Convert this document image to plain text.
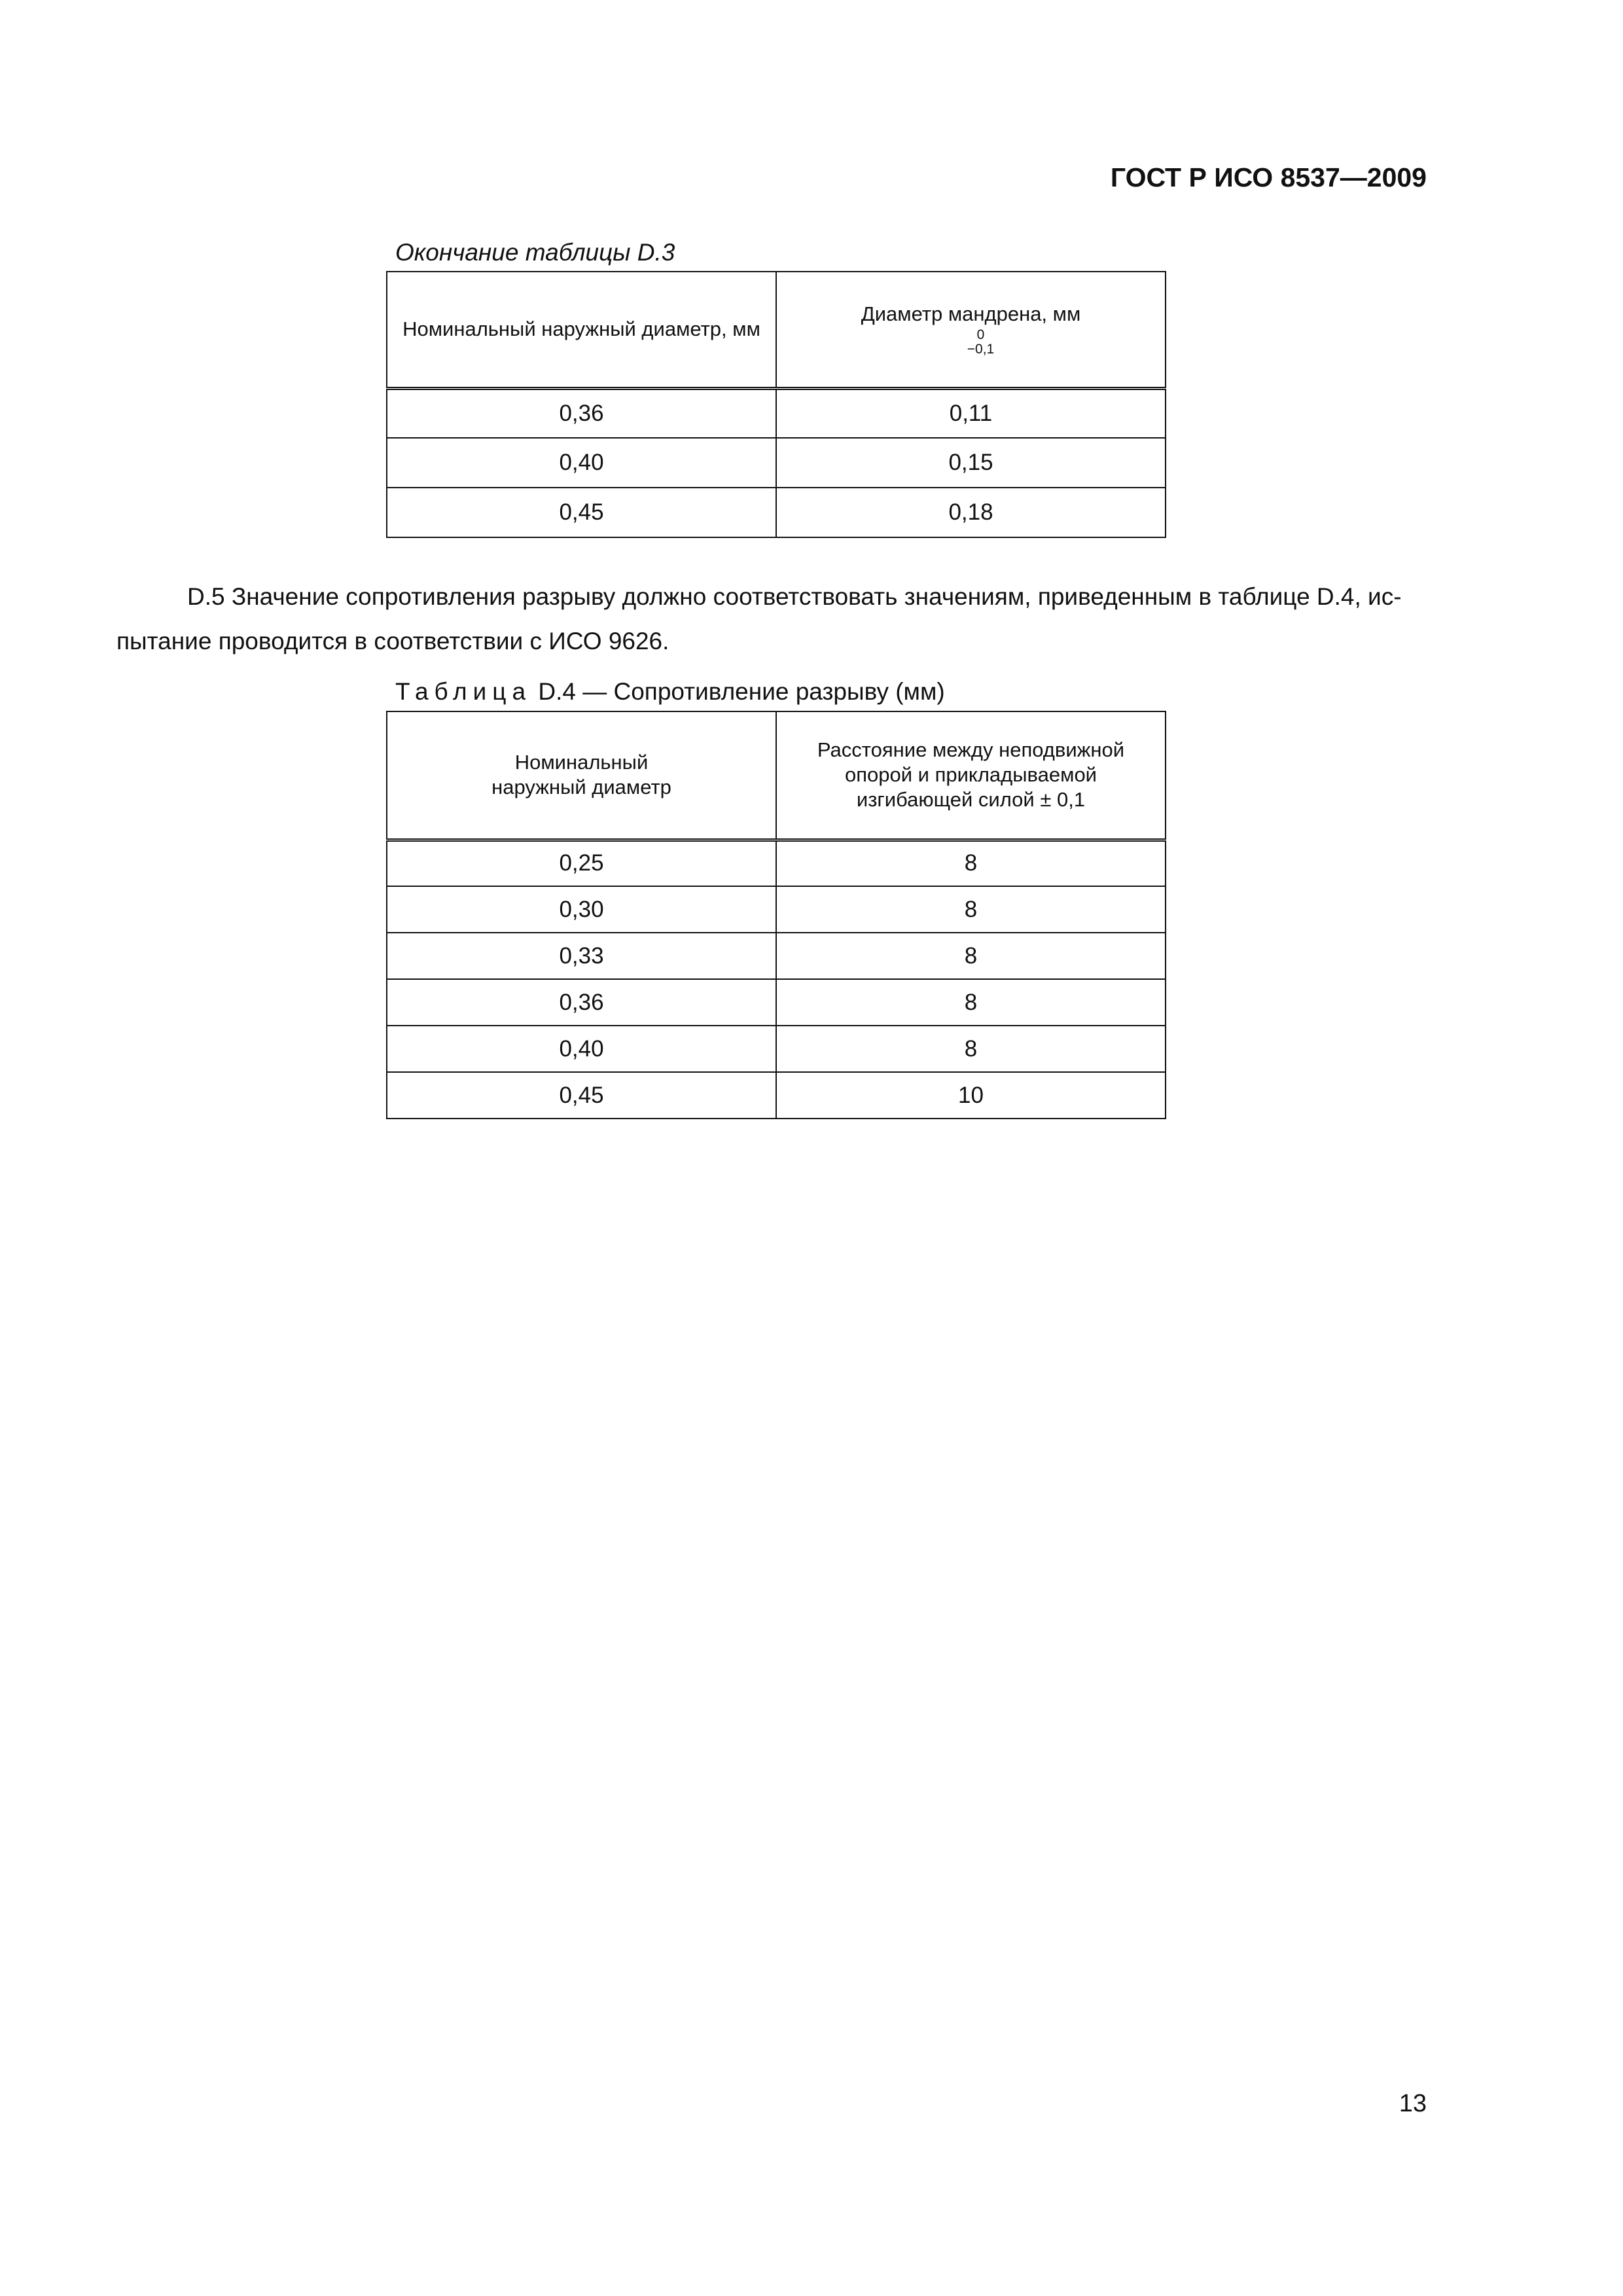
ГОСТ Р ИСО 8537—2009
Окончание таблицы D.3
Номинальный наружный диаметр, мм	Диаметр мандрена, мм
0
−0,1

0,36	0,11
0,40	0,15
0,45	0,18
D.5 Значение сопротивления разрыву должно соответствовать значениям, приведенным в таблице D.4, ис-
пытание проводится в соответствии с ИСО 9626.
Таблица D.4 — Сопротивление разрыву (мм)
Номинальный наружный диаметр	Расстояние между неподвижной опорой и прикладываемой изгибающей силой ± 0,1
0,25	8
0,30	8
0,33	8
0,36	8
0,40	8
0,45	10
13
